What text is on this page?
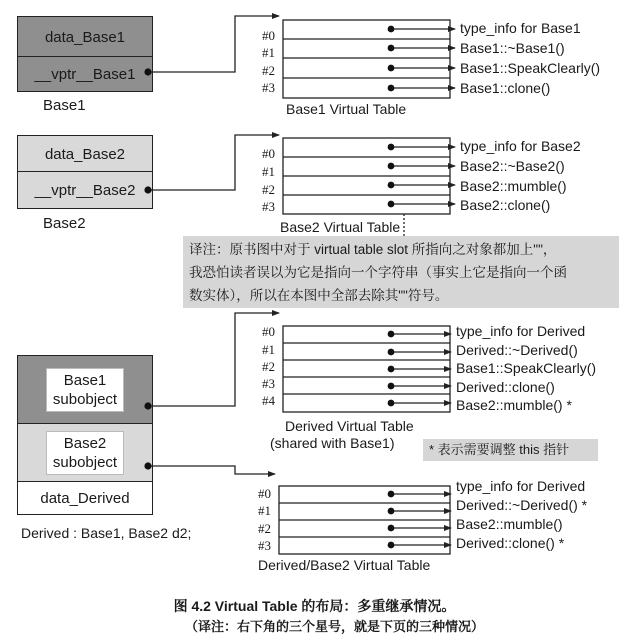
data_Base1
__vptr__Base1
Base1
#0
#1
#2
#3
type_info for Base1
Base1::~Base1()
Base1::SpeakClearly()
Base1::clone()
Base1 Virtual Table
data_Base2
__vptr__Base2
Base2
#0
#1
#2
#3
type_info for Base2
Base2::~Base2()
Base2::mumble()
Base2::clone()
Base2 Virtual Table
译注：原书图中对于 virtual table slot 所指向之对象都加上""，
我恐怕读者误以为它是指向一个字符串（事实上它是指向一个函
数实体），所以在本图中全部去除其""符号。
Base1
subobject
Base2
subobject
data_Derived
Derived : Base1, Base2 d2;
#0
#1
#2
#3
#4
type_info for Derived
Derived::~Derived()
Base1::SpeakClearly()
Derived::clone()
Base2::mumble() *
Derived Virtual Table
(shared with Base1)	* 表示需要调整 this 指针
#0
#1
#2
#3
type_info for Derived
Derived::~Derived() *
Base2::mumble()
Derived::clone() *
Derived/Base2 Virtual Table
图 4.2 Virtual Table 的布局：多重继承情况。
（译注：右下角的三个星号，就是下页的三种情况）
